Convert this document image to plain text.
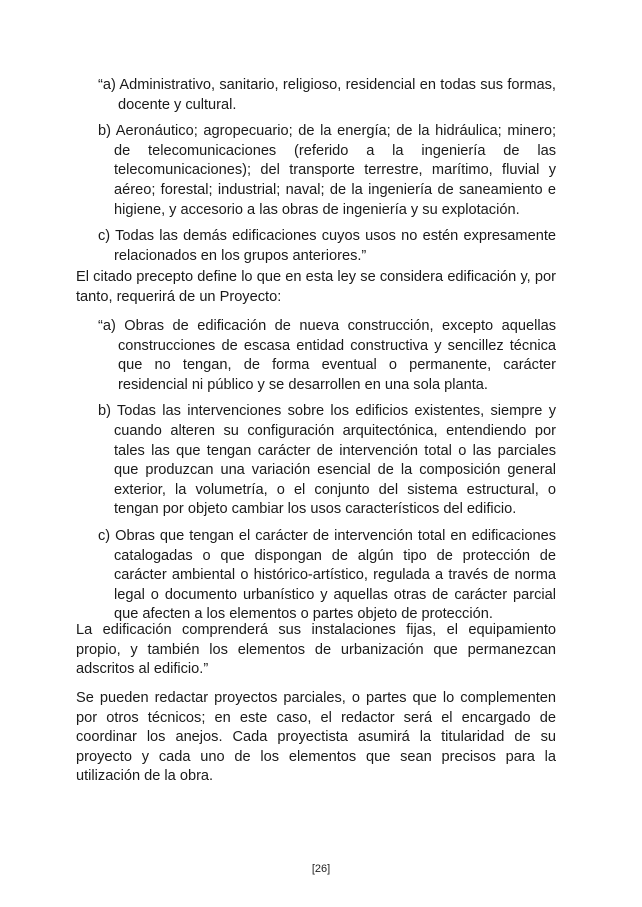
“a) Administrativo, sanitario, religioso, residencial en todas sus formas, docente y cultural.
b) Aeronáutico; agropecuario; de la energía; de la hidráulica; minero; de telecomunicaciones (referido a la ingeniería de las telecomunicaciones); del transporte terrestre, marítimo, fluvial y aéreo; forestal; industrial; naval; de la ingeniería de saneamiento e higiene, y accesorio a las obras de ingeniería y su explotación.
c) Todas las demás edificaciones cuyos usos no estén expresamente relacionados en los grupos anteriores.”
El citado precepto define lo que en esta ley se considera edificación y, por tanto, requerirá de un Proyecto:
“a) Obras de edificación de nueva construcción, excepto aquellas construcciones de escasa entidad constructiva y sencillez técnica que no tengan, de forma eventual o permanente, carácter residencial ni público y se desarrollen en una sola planta.
b) Todas las intervenciones sobre los edificios existentes, siempre y cuando alteren su configuración arquitectónica, entendiendo por tales las que tengan carácter de intervención total o las parciales que produzcan una variación esencial de la composición general exterior, la volumetría, o el conjunto del sistema estructural, o tengan por objeto cambiar los usos característicos del edificio.
c) Obras que tengan el carácter de intervención total en edificaciones catalogadas o que dispongan de algún tipo de protección de carácter ambiental o histórico-artístico, regulada a través de norma legal o documento urbanístico y aquellas otras de carácter parcial que afecten a los elementos o partes objeto de protección.
La edificación comprenderá sus instalaciones fijas, el equipamiento propio, y también los elementos de urbanización que permanezcan adscritos al edificio.”
Se pueden redactar proyectos parciales, o partes que lo complementen por otros técnicos; en este caso, el redactor será el encargado de coordinar los anejos. Cada proyectista asumirá la titularidad de su proyecto y cada uno de los elementos que sean precisos para la utilización de la obra.
[26]
